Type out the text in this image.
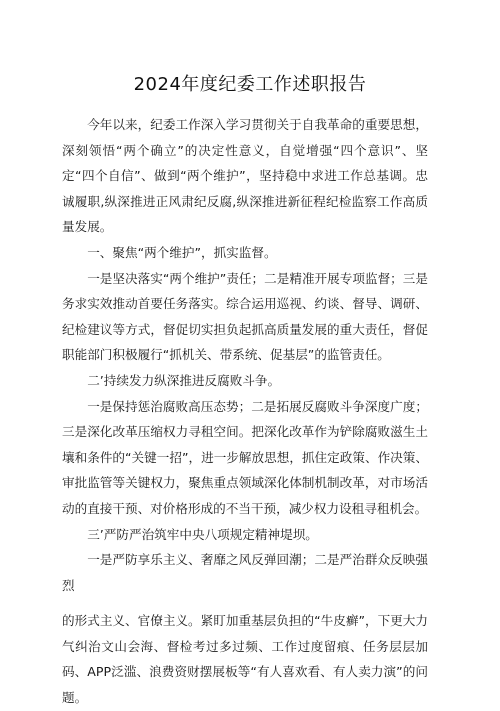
2024年度纪委工作述职报告

今年以来，纪委工作深入学习贯彻关于自我革命的重要思想，深刻领悟“两个确立”的决定性意义，自觉增强“四个意识”、坚定“四个自信”、做到“两个维护”，坚持稳中求进工作总基调。忠诚履职,纵深推进正风肃纪反腐,纵深推进新征程纪检监察工作高质量发展。

一、聚焦“两个维护”，抓实监督。

一是坚决落实“两个维护”责任；二是精准开展专项监督；三是务求实效推动首要任务落实。综合运用巡视、约谈、督导、调研、纪检建议等方式，督促切实担负起抓高质量发展的重大责任，督促职能部门积极履行“抓机关、带系统、促基层”的监管责任。

二’持续发力纵深推进反腐败斗争。

一是保持惩治腐败高压态势；二是拓展反腐败斗争深度广度；三是深化改革压缩权力寻租空间。把深化改革作为铲除腐败滋生土壤和条件的“关键一招”，进一步解放思想，抓住定政策、作决策、审批监管等关键权力，聚焦重点领域深化体制机制改革，对市场活动的直接干预、对价格形成的不当干预，减少权力设租寻租机会。

三’严防严治筑牢中央八项规定精神堤坝。

一是严防享乐主义、奢靡之风反弹回潮；二是严治群众反映强烈

的形式主义、官僚主义。紧盯加重基层负担的“牛皮癣”，下更大力气纠治文山会海、督检考过多过频、工作过度留痕、任务层层加码、APP泛滥、浪费资财摆展板等“有人喜欢看、有人卖力演”的问题。
